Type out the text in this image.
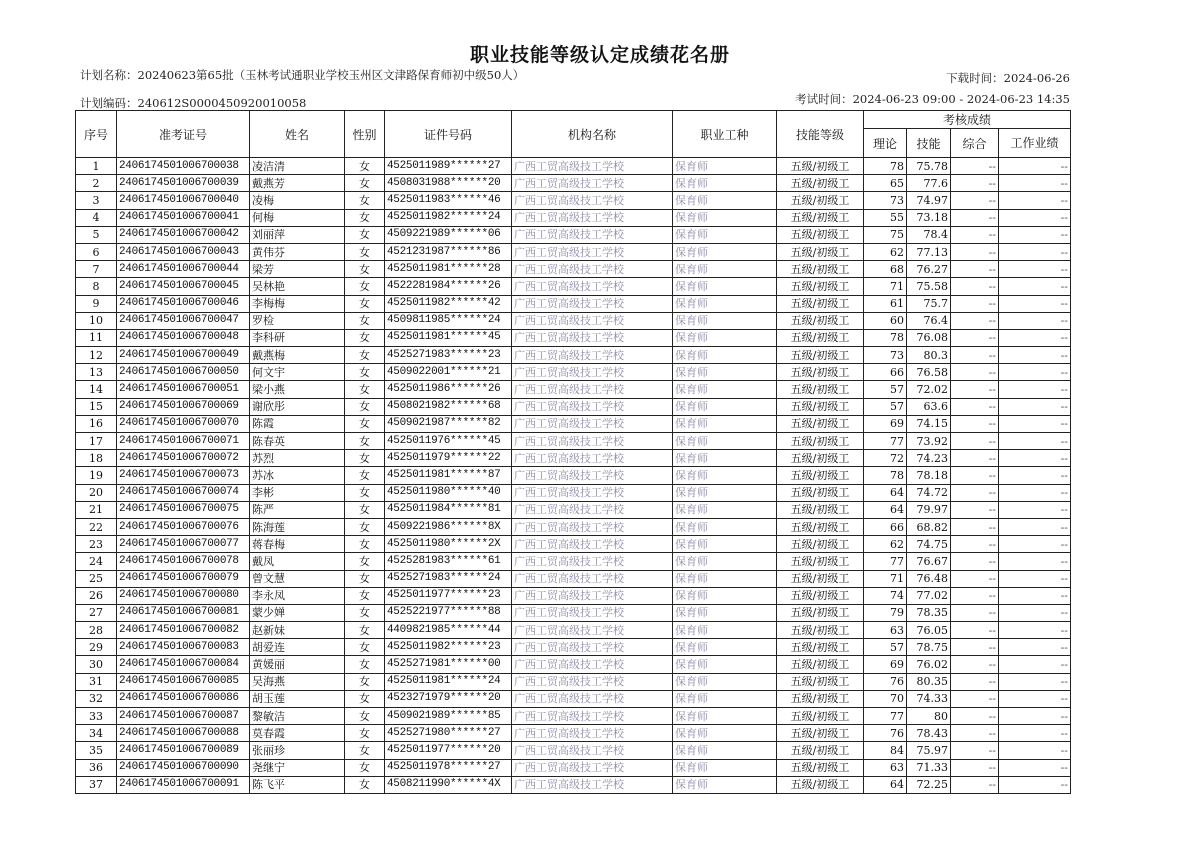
职业技能等级认定成绩花名册
计划名称：20240623第65批（玉林考试通职业学校玉州区文津路保育师初中级50人）
计划编码：240612S0000450920010058
下载时间：2024-06-26
考试时间：2024-06-23 09:00 - 2024-06-23 14:35
序号	准考证号	姓名	性别	证件号码	机构名称	职业工种	技能等级	考核成绩			
								理论	技能	综合	工作业绩
1	2406174501006700038	凌洁清	女	4525011989******27	广西工贸高级技工学校	保育师	五级/初级工	78	75.78	--	--
2	2406174501006700039	戴燕芳	女	4508031988******20	广西工贸高级技工学校	保育师	五级/初级工	65	77.6	--	--
3	2406174501006700040	凌梅	女	4525011983******46	广西工贸高级技工学校	保育师	五级/初级工	73	74.97	--	--
4	2406174501006700041	何梅	女	4525011982******24	广西工贸高级技工学校	保育师	五级/初级工	55	73.18	--	--
5	2406174501006700042	刘丽萍	女	4509221989******06	广西工贸高级技工学校	保育师	五级/初级工	75	78.4	--	--
6	2406174501006700043	黄伟芬	女	4521231987******86	广西工贸高级技工学校	保育师	五级/初级工	62	77.13	--	--
7	2406174501006700044	梁芳	女	4525011981******28	广西工贸高级技工学校	保育师	五级/初级工	68	76.27	--	--
8	2406174501006700045	吴林艳	女	4522281984******26	广西工贸高级技工学校	保育师	五级/初级工	71	75.58	--	--
9	2406174501006700046	李梅梅	女	4525011982******42	广西工贸高级技工学校	保育师	五级/初级工	61	75.7	--	--
10	2406174501006700047	罗检	女	4509811985******24	广西工贸高级技工学校	保育师	五级/初级工	60	76.4	--	--
11	2406174501006700048	李科研	女	4525011981******45	广西工贸高级技工学校	保育师	五级/初级工	78	76.08	--	--
12	2406174501006700049	戴燕梅	女	4525271983******23	广西工贸高级技工学校	保育师	五级/初级工	73	80.3	--	--
13	2406174501006700050	何文宇	女	4509022001******21	广西工贸高级技工学校	保育师	五级/初级工	66	76.58	--	--
14	2406174501006700051	梁小燕	女	4525011986******26	广西工贸高级技工学校	保育师	五级/初级工	57	72.02	--	--
15	2406174501006700069	谢欣彤	女	4508021982******68	广西工贸高级技工学校	保育师	五级/初级工	57	63.6	--	--
16	2406174501006700070	陈霞	女	4509021987******82	广西工贸高级技工学校	保育师	五级/初级工	69	74.15	--	--
17	2406174501006700071	陈春英	女	4525011976******45	广西工贸高级技工学校	保育师	五级/初级工	77	73.92	--	--
18	2406174501006700072	苏烈	女	4525011979******22	广西工贸高级技工学校	保育师	五级/初级工	72	74.23	--	--
19	2406174501006700073	苏冰	女	4525011981******87	广西工贸高级技工学校	保育师	五级/初级工	78	78.18	--	--
20	2406174501006700074	李彬	女	4525011980******40	广西工贸高级技工学校	保育师	五级/初级工	64	74.72	--	--
21	2406174501006700075	陈严	女	4525011984******81	广西工贸高级技工学校	保育师	五级/初级工	64	79.97	--	--
22	2406174501006700076	陈海莲	女	4509221986******8X	广西工贸高级技工学校	保育师	五级/初级工	66	68.82	--	--
23	2406174501006700077	蒋春梅	女	4525011980******2X	广西工贸高级技工学校	保育师	五级/初级工	62	74.75	--	--
24	2406174501006700078	戴凤	女	4525281983******61	广西工贸高级技工学校	保育师	五级/初级工	77	76.67	--	--
25	2406174501006700079	曾文慧	女	4525271983******24	广西工贸高级技工学校	保育师	五级/初级工	71	76.48	--	--
26	2406174501006700080	李永凤	女	4525011977******23	广西工贸高级技工学校	保育师	五级/初级工	74	77.02	--	--
27	2406174501006700081	蒙少婵	女	4525221977******88	广西工贸高级技工学校	保育师	五级/初级工	79	78.35	--	--
28	2406174501006700082	赵新妹	女	4409821985******44	广西工贸高级技工学校	保育师	五级/初级工	63	76.05	--	--
29	2406174501006700083	胡爱连	女	4525011982******23	广西工贸高级技工学校	保育师	五级/初级工	57	78.75	--	--
30	2406174501006700084	黄媛丽	女	4525271981******00	广西工贸高级技工学校	保育师	五级/初级工	69	76.02	--	--
31	2406174501006700085	吴海燕	女	4525011981******24	广西工贸高级技工学校	保育师	五级/初级工	76	80.35	--	--
32	2406174501006700086	胡玉莲	女	4523271979******20	广西工贸高级技工学校	保育师	五级/初级工	70	74.33	--	--
33	2406174501006700087	黎敏洁	女	4509021989******85	广西工贸高级技工学校	保育师	五级/初级工	77	80	--	--
34	2406174501006700088	莫春霞	女	4525271980******27	广西工贸高级技工学校	保育师	五级/初级工	76	78.43	--	--
35	2406174501006700089	张丽珍	女	4525011977******20	广西工贸高级技工学校	保育师	五级/初级工	84	75.97	--	--
36	2406174501006700090	尧继宁	女	4525011978******27	广西工贸高级技工学校	保育师	五级/初级工	63	71.33	--	--
37	2406174501006700091	陈飞平	女	4508211990******4X	广西工贸高级技工学校	保育师	五级/初级工	64	72.25	--	--
